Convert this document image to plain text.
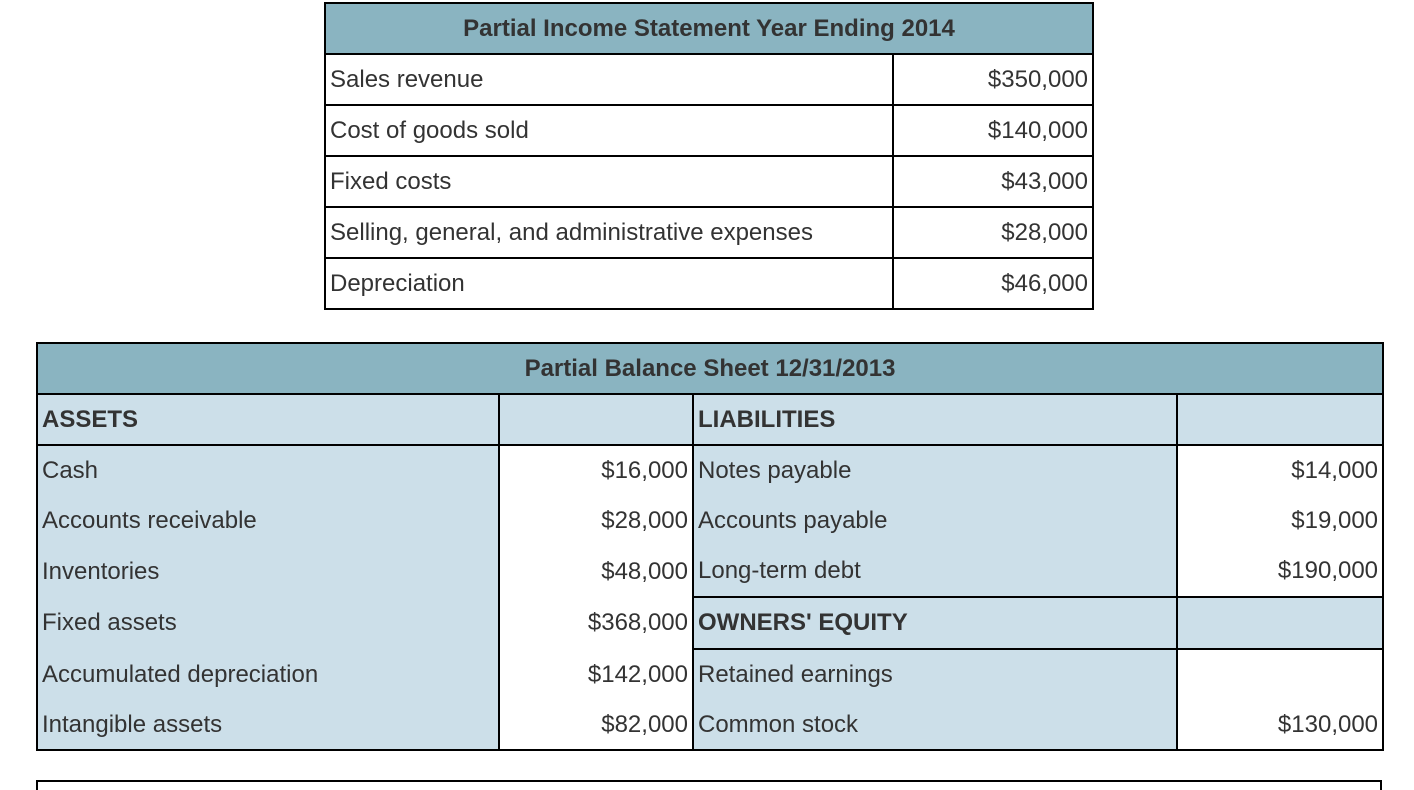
Partial Income Statement Year Ending 2014	
Sales revenue	$350,000
Cost of goods sold	$140,000
Fixed costs	$43,000
Selling, general, and administrative expenses	$28,000
Depreciation	$46,000
Partial Balance Sheet 12/31/2013			
ASSETS		LIABILITIES	
Cash	$16,000	Notes payable	$14,000
Accounts receivable	$28,000	Accounts payable	$19,000
Inventories	$48,000	Long-term debt	$190,000
Fixed assets	$368,000	OWNERS' EQUITY	
Accumulated depreciation	$142,000	Retained earnings	
Intangible assets	$82,000	Common stock	$130,000
